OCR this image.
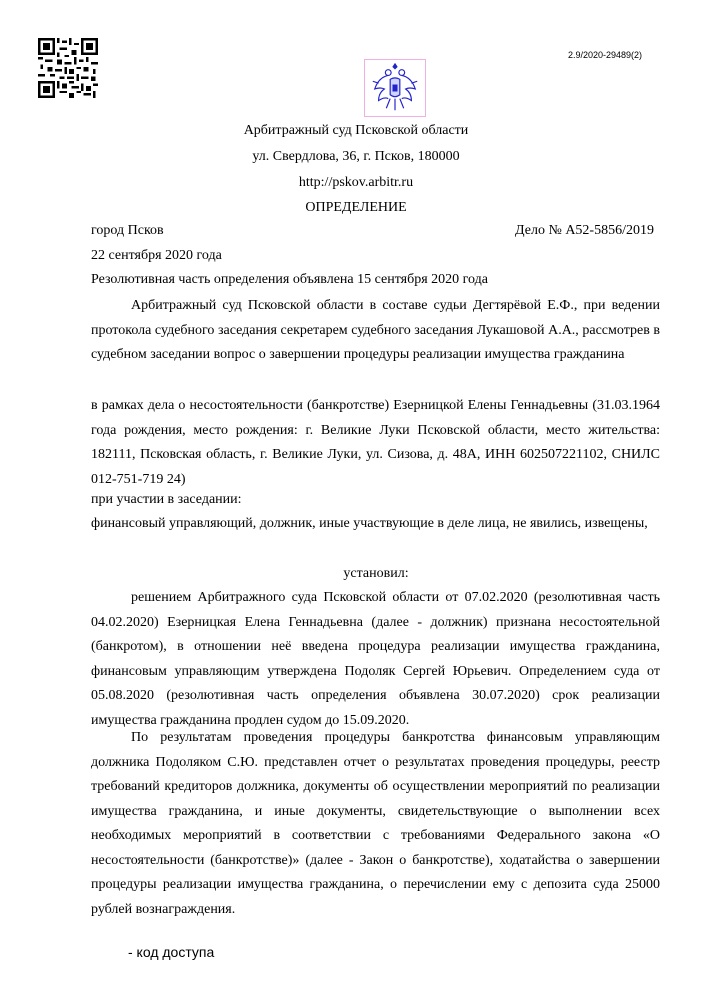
2.9/2020-29489(2)
Арбитражный суд Псковской области
ул. Свердлова, 36, г. Псков, 180000
http://pskov.arbitr.ru
ОПРЕДЕЛЕНИЕ
город Псков	Дело № А52-5856/2019
22 сентября 2020 года
Резолютивная часть определения объявлена 15 сентября 2020 года
Арбитражный суд Псковской области в составе судьи Дегтярёвой Е.Ф., при ведении протокола судебного заседания секретарем судебного заседания Лукашовой А.А., рассмотрев в судебном заседании вопрос о завершении процедуры реализации имущества гражданина
в рамках дела о несостоятельности (банкротстве) Езерницкой Елены Геннадьевны (31.03.1964 года рождения, место рождения: г. Великие Луки Псковской области, место жительства: 182111, Псковская область, г. Великие Луки, ул. Сизова, д. 48А, ИНН 602507221102, СНИЛС 012-751-719 24)
при участии в заседании:
финансовый управляющий, должник, иные участвующие в деле лица, не явились, извещены,
установил:
решением Арбитражного суда Псковской области от 07.02.2020 (резолютивная часть 04.02.2020) Езерницкая Елена Геннадьевна (далее - должник) признана несостоятельной (банкротом), в отношении неё введена процедура реализации имущества гражданина, финансовым управляющим утверждена Подоляк Сергей Юрьевич. Определением суда от 05.08.2020 (резолютивная часть определения объявлена 30.07.2020) срок реализации имущества гражданина продлен судом до 15.09.2020.
По результатам проведения процедуры банкротства финансовым управляющим должника Подоляком С.Ю. представлен отчет о результатах проведения процедуры, реестр требований кредиторов должника, документы об осуществлении мероприятий по реализации имущества гражданина, и иные документы, свидетельствующие о выполнении всех необходимых мероприятий в соответствии с требованиями Федерального закона «О несостоятельности (банкротстве)» (далее - Закон о банкротстве), ходатайства о завершении процедуры реализации имущества гражданина, о перечислении ему с депозита суда 25000 рублей вознаграждения.
- код доступа
